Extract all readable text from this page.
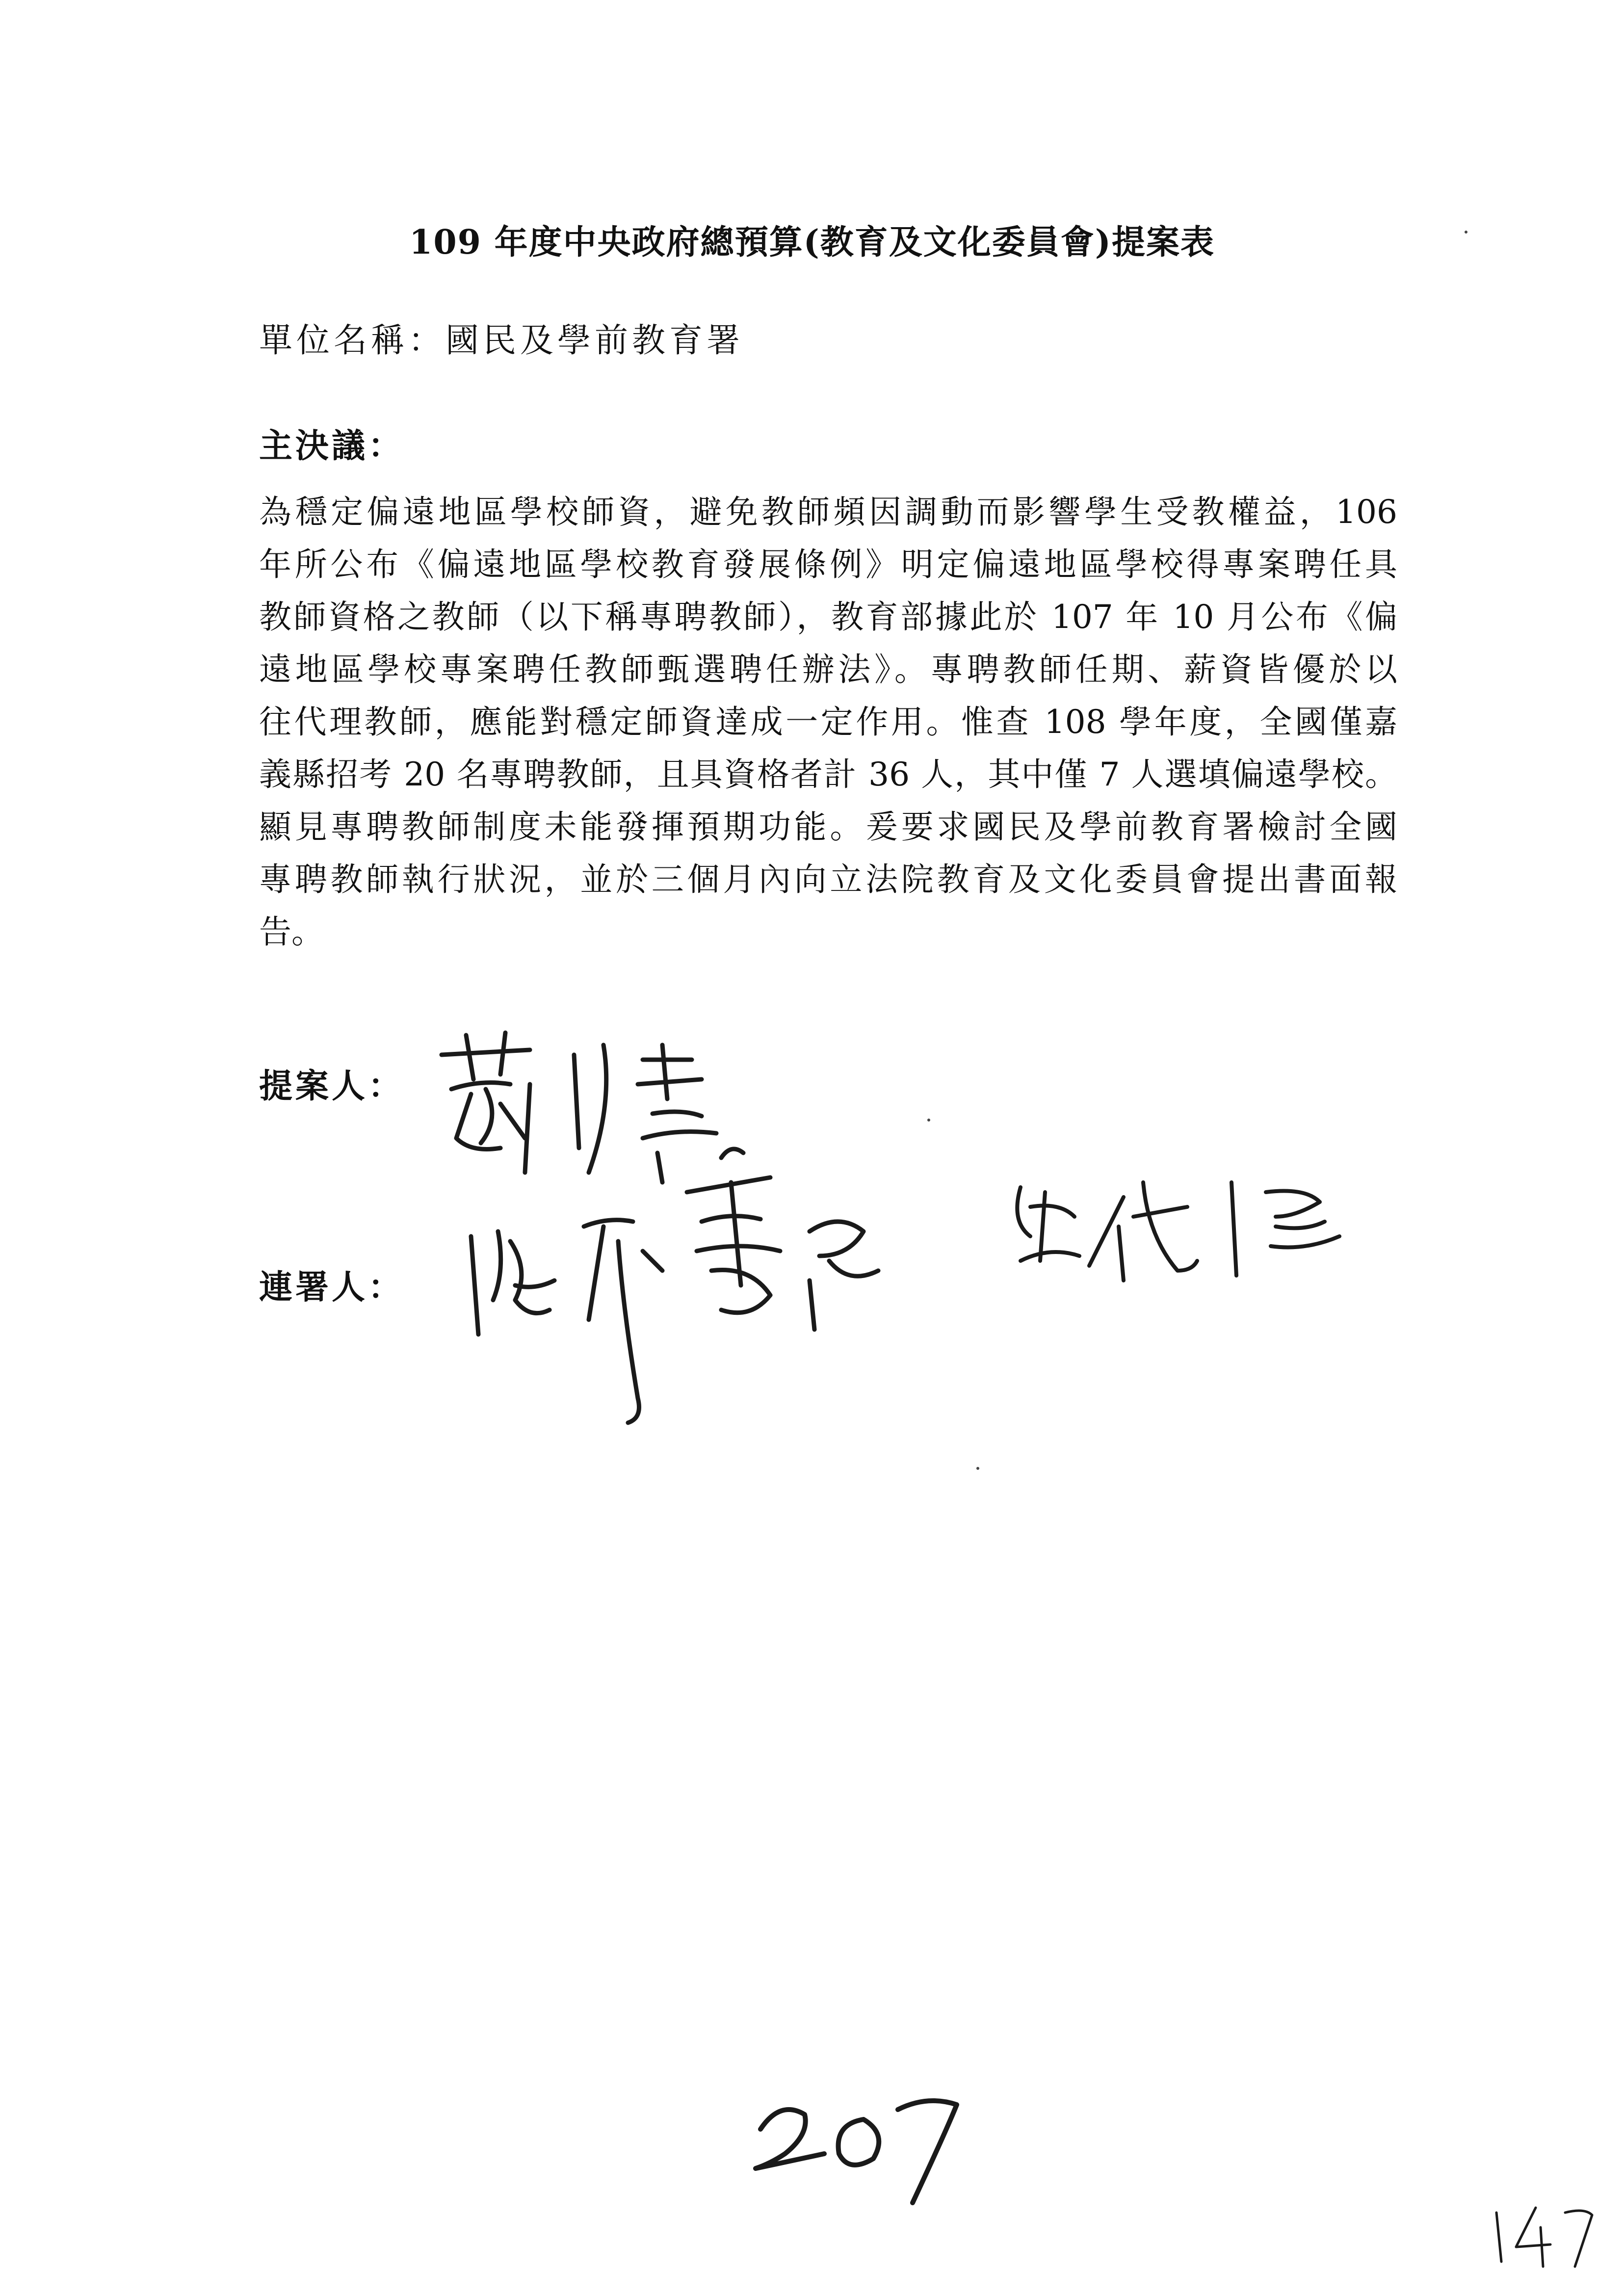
109 年度中央政府總預算(教育及文化委員會)提案表
單位名稱：國民及學前教育署
主決議：
為穩定偏遠地區學校師資，避免教師頻因調動而影響學生受教權益，106
年所公布《偏遠地區學校教育發展條例》明定偏遠地區學校得專案聘任具
教師資格之教師（以下稱專聘教師），教育部據此於 107 年 10 月公布《偏
遠地區學校專案聘任教師甄選聘任辦法》。專聘教師任期、薪資皆優於以
往代理教師，應能對穩定師資達成一定作用。惟查 108 學年度，全國僅嘉
義縣招考 20 名專聘教師，且具資格者計 36 人，其中僅 7 人選填偏遠學校。
顯見專聘教師制度未能發揮預期功能。爰要求國民及學前教育署檢討全國
專聘教師執行狀況，並於三個月內向立法院教育及文化委員會提出書面報
告。
提案人：
連署人：
